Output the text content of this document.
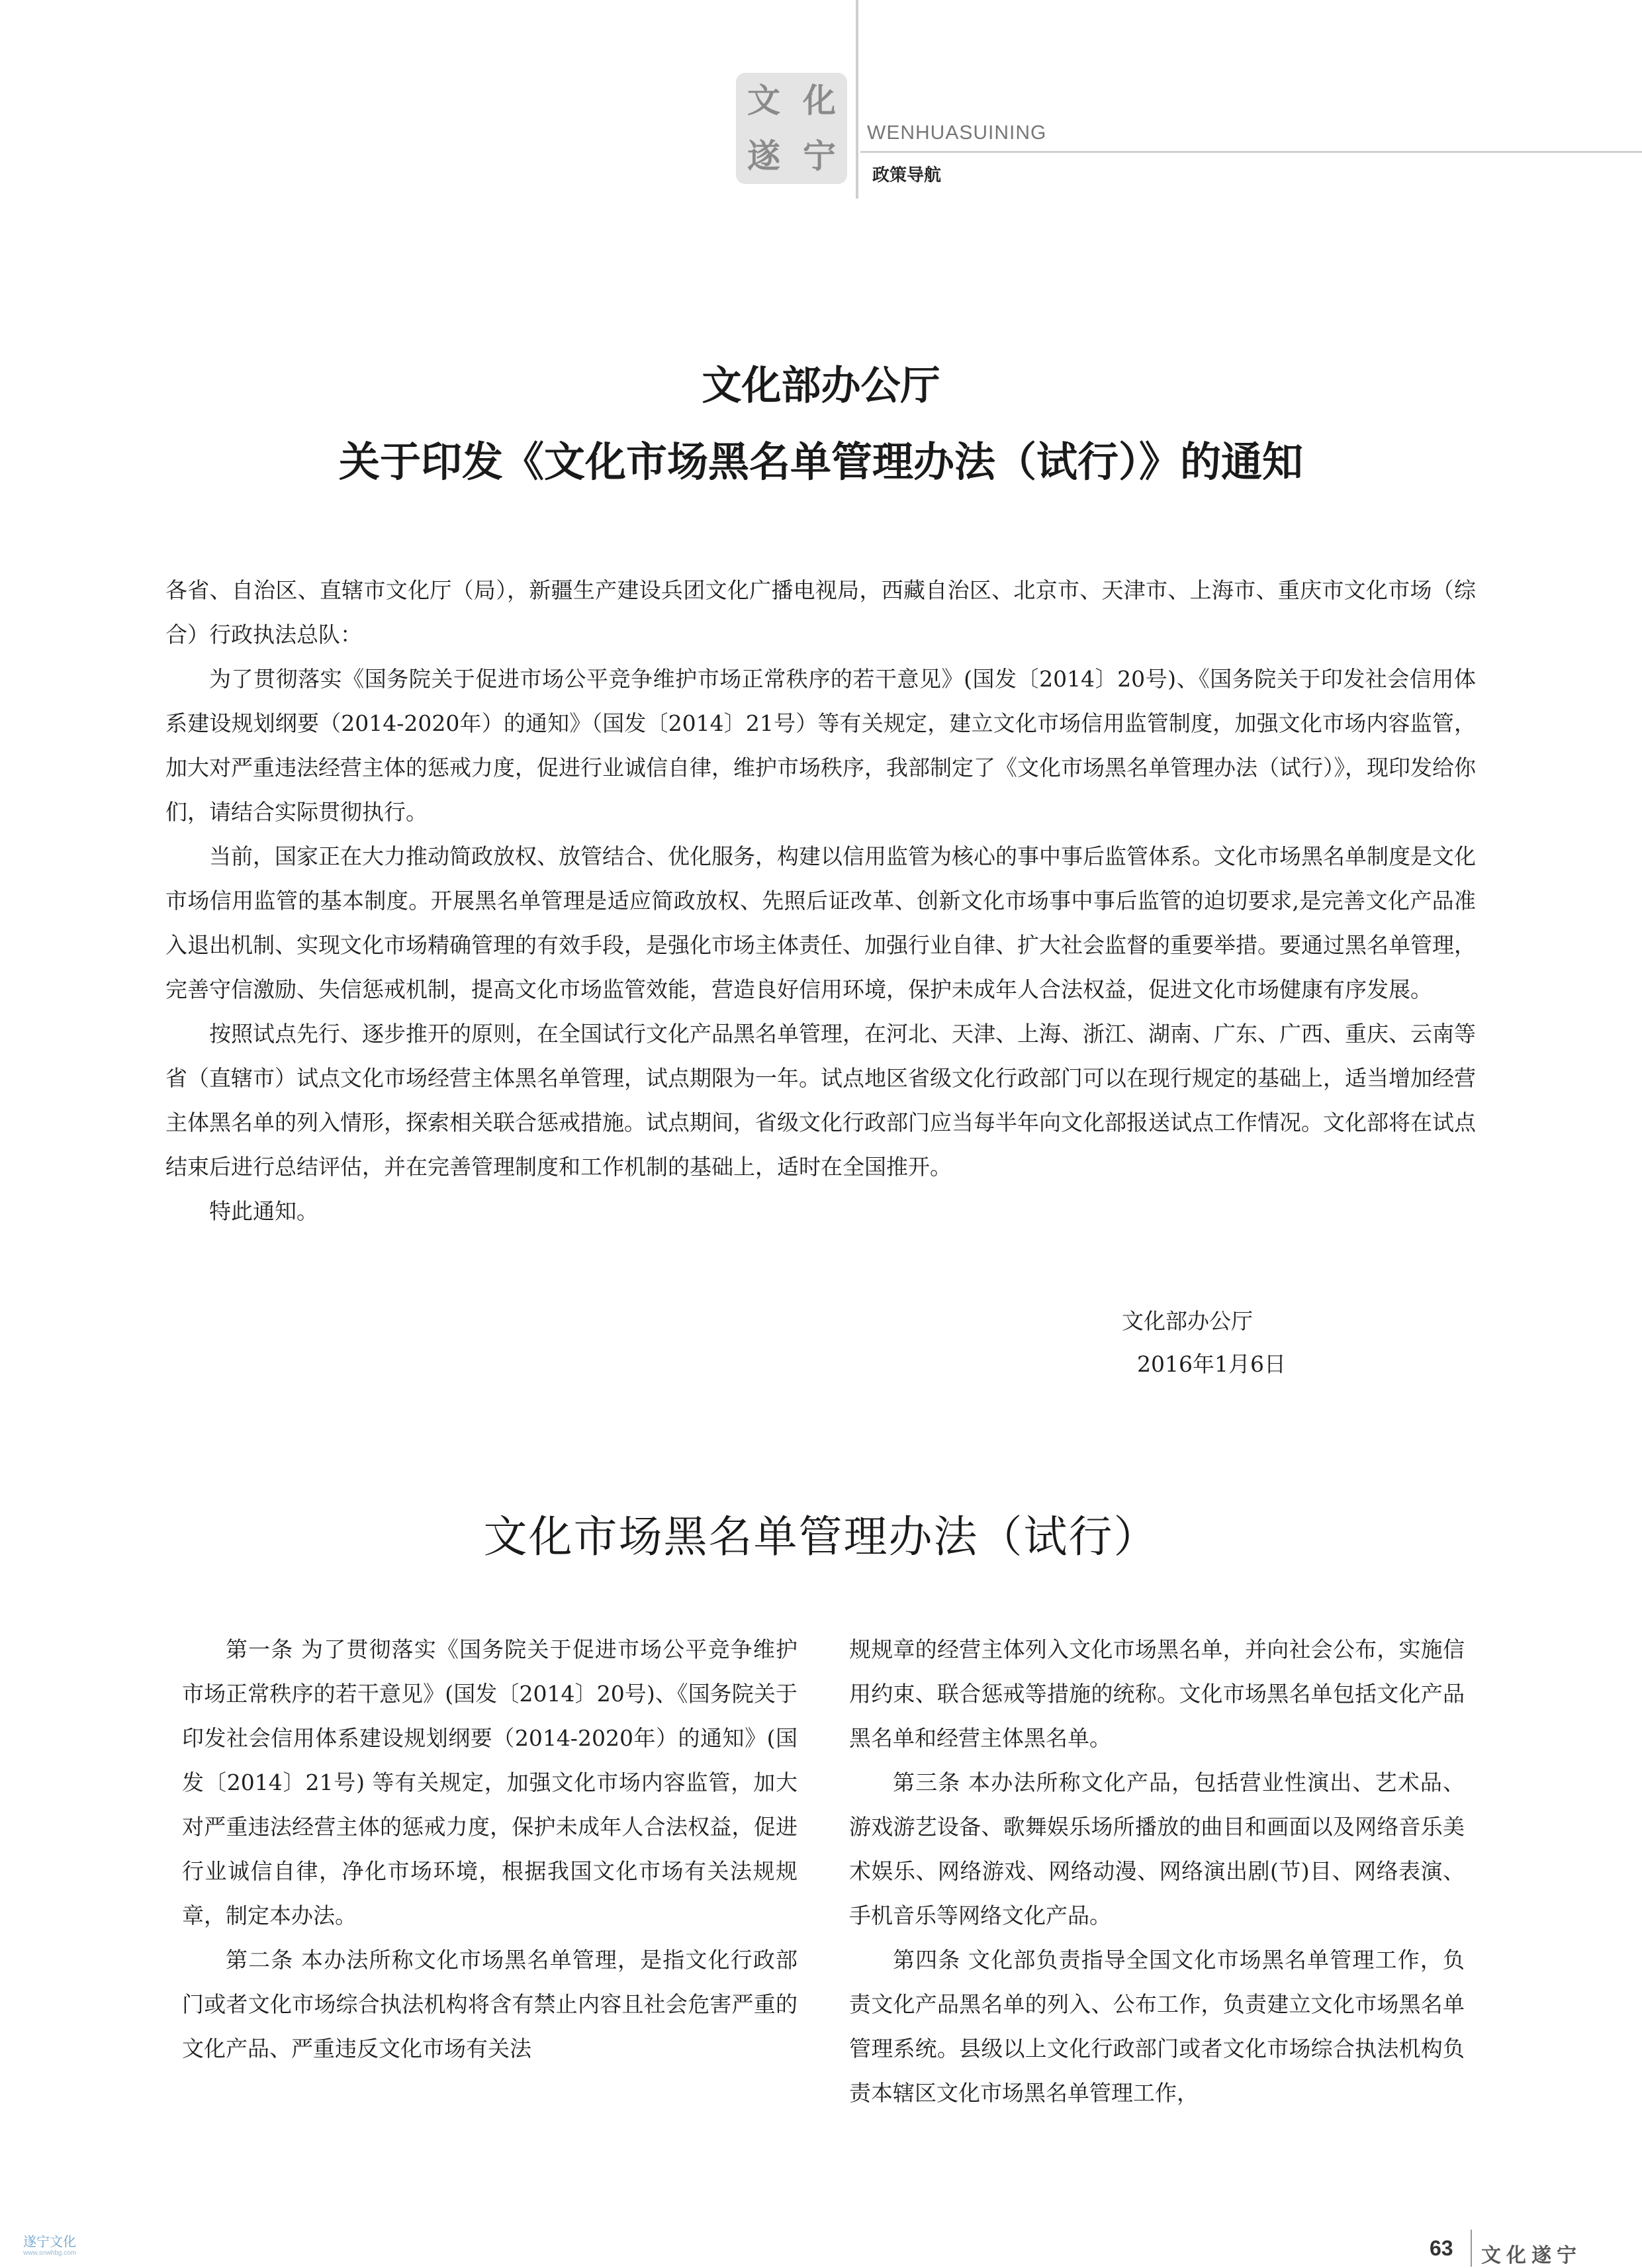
文 化
遂 宁
WENHUASUINING
政策导航
文化部办公厅
关于印发《文化市场黑名单管理办法（试行）》的通知

各省、自治区、直辖市文化厅（局），新疆生产建设兵团文化广播电视局，西藏自治区、北京市、天津市、上海市、重庆市文化市场（综合）行政执法总队：

为了贯彻落实《国务院关于促进市场公平竞争维护市场正常秩序的若干意见》(国发〔2014〕20号)、《国务院关于印发社会信用体系建设规划纲要（2014-2020年）的通知》（国发〔2014〕21号）等有关规定，建立文化市场信用监管制度，加强文化市场内容监管，加大对严重违法经营主体的惩戒力度，促进行业诚信自律，维护市场秩序，我部制定了《文化市场黑名单管理办法（试行）》，现印发给你们，请结合实际贯彻执行。

当前，国家正在大力推动简政放权、放管结合、优化服务，构建以信用监管为核心的事中事后监管体系。文化市场黑名单制度是文化市场信用监管的基本制度。开展黑名单管理是适应简政放权、先照后证改革、创新文化市场事中事后监管的迫切要求,是完善文化产品准入退出机制、实现文化市场精确管理的有效手段，是强化市场主体责任、加强行业自律、扩大社会监督的重要举措。要通过黑名单管理，完善守信激励、失信惩戒机制，提高文化市场监管效能，营造良好信用环境，保护未成年人合法权益，促进文化市场健康有序发展。

按照试点先行、逐步推开的原则，在全国试行文化产品黑名单管理，在河北、天津、上海、浙江、湖南、广东、广西、重庆、云南等省（直辖市）试点文化市场经营主体黑名单管理，试点期限为一年。试点地区省级文化行政部门可以在现行规定的基础上，适当增加经营主体黑名单的列入情形，探索相关联合惩戒措施。试点期间，省级文化行政部门应当每半年向文化部报送试点工作情况。文化部将在试点结束后进行总结评估，并在完善管理制度和工作机制的基础上，适时在全国推开。

特此通知。

文化部办公厅
2016年1月6日
文化市场黑名单管理办法（试行）

第一条 为了贯彻落实《国务院关于促进市场公平竞争维护市场正常秩序的若干意见》(国发〔2014〕20号)、《国务院关于印发社会信用体系建设规划纲要（2014-2020年）的通知》(国发〔2014〕21号) 等有关规定，加强文化市场内容监管，加大对严重违法经营主体的惩戒力度，保护未成年人合法权益，促进行业诚信自律，净化市场环境，根据我国文化市场有关法规规章，制定本办法。

第二条 本办法所称文化市场黑名单管理，是指文化行政部门或者文化市场综合执法机构将含有禁止内容且社会危害严重的文化产品、严重违反文化市场有关法

规规章的经营主体列入文化市场黑名单，并向社会公布，实施信用约束、联合惩戒等措施的统称。文化市场黑名单包括文化产品黑名单和经营主体黑名单。

第三条 本办法所称文化产品，包括营业性演出、艺术品、游戏游艺设备、歌舞娱乐场所播放的曲目和画面以及网络音乐美术娱乐、网络游戏、网络动漫、网络演出剧(节)目、网络表演、手机音乐等网络文化产品。

第四条 文化部负责指导全国文化市场黑名单管理工作，负责文化产品黑名单的列入、公布工作，负责建立文化市场黑名单管理系统。县级以上文化行政部门或者文化市场综合执法机构负责本辖区文化市场黑名单管理工作，

63 文化遂宁
遂宁文化
www.snwhbg.com
